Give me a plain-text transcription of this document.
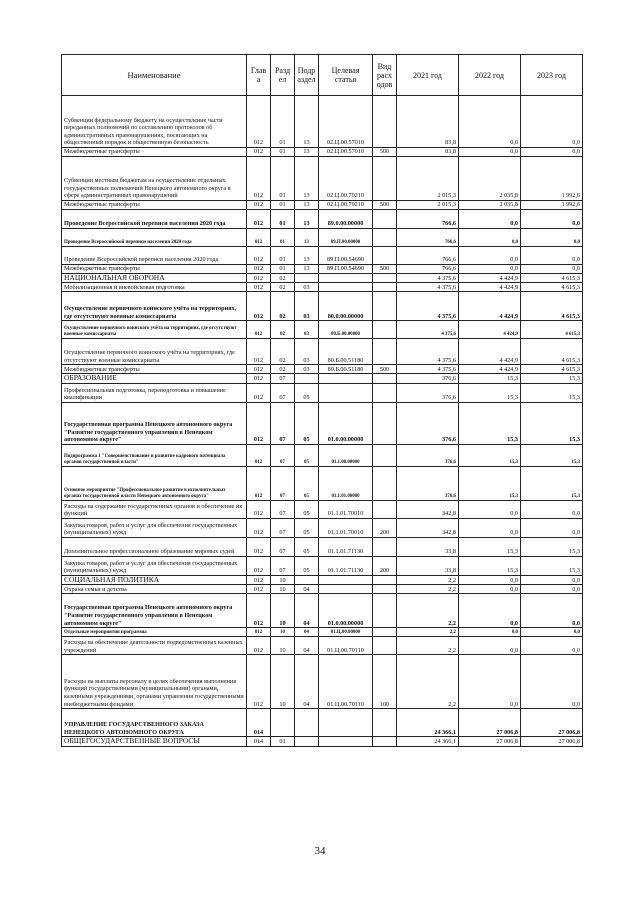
Наименование	Глав а	Разд ел	Подр аздел	Целевая статья	Вид расх одов	2021 год	2022 год	2023 год
Субвенции федеральному бюджету на осуществление части переданных полномочий по составлению протоколов об административных правонарушениях, посягающих на общественный порядок и общественную безопасность	012	01	13	02.Ц.00.57010		83,8	0,0	0,0
Межбюджетные трансферты	012	01	13	02.Ц.00.57010	500	83,8	0,0	0,0
Субвенции местным бюджетам на осуществление отдельных государственных полномочий Ненецкого автономного округа в сфере административных правонарушений	012	01	13	02.Ц.00.79210		2 015,3	2 035,8	1 992,6
Межбюджетные трансферты	012	01	13	02.Ц.00.79210	500	2 015,3	2 035,8	1 992,6
Проведение Всероссийской переписи населения 2020 года	012	01	13	89.0.00.00000		766,6	0,0	0,0
Проведение Всероссийской переписи населения 2020 года	012	01	13	89.П.00.00000		766,6	0,0	0,0
Проведение Всероссийской переписи населения 2020 года	012	01	13	89.П.00.54690		766,6	0,0	0,0
Межбюджетные трансферты	012	01	13	89.П.00.54690	500	766,6	0,0	0,0
НАЦИОНАЛЬНАЯ ОБОРОНА	012	02				4 375,6	4 424,9	4 615,3
Мобилизационная и вневойсковая подготовка	012	02	03			4 375,6	4 424,9	4 615,3
Осуществление первичного воинского учёта на территориях, где отсутствуют военные комиссариаты	012	02	03	80.0.00.00000		4 375,6	4 424,9	4 615,3
Осуществление первичного воинского учёта на территориях, где отсутствуют военные комиссариаты	012	02	03	80.Б.00.00000		4 375,6	4 424,9	4 615,3
Осуществление первичного воинского учёта на территориях, где отсутствуют военные комиссариаты	012	02	03	80.Б.00.51180		4 375,6	4 424,9	4 615,3
Межбюджетные трансферты	012	02	03	80.Б.00.51180	500	4 375,6	4 424,9	4 615,3
ОБРАЗОВАНИЕ	012	07				376,6	15,3	15,3
Профессиональная подготовка, переподготовка и повышение квалификации	012	07	05			376,6	15,3	15,3
Государственная программа Ненецкого автономного округа "Развитие государственного управления в Ненецком автономном округе"	012	07	05	01.0.00.00000		376,6	15,3	15,3
Подпрограмма 1 "Совершенствование и развитие кадрового потенциала органов государственной власти"	012	07	05	01.1.00.00000		376,6	15,3	15,3
Основное мероприятие "Профессиональное развитие в исполнительных органах государственной власти Ненецкого автономного округа"	012	07	05	01.1.01.00000		376,6	15,3	15,3
Расходы на содержание государственных органов и обеспечение их функций	012	07	05	01.1.01.70010		342,8	0,0	0,0
Закупка товаров, работ и услуг для обеспечения государственных (муниципальных) нужд	012	07	05	01.1.01.70010	200	342,8	0,0	0,0
Дополнительное профессиональное образование мировых судей	012	07	05	01.1.01.71130		33,8	15,3	15,3
Закупка товаров, работ и услуг для обеспечения государственных (муниципальных) нужд	012	07	05	01.1.01.71130	200	33,8	15,3	15,3
СОЦИАЛЬНАЯ ПОЛИТИКА	012	10				2,2	0,0	0,0
Охрана семьи и детства	012	10	04			2,2	0,0	0,0
Государственная программа Ненецкого автономного округа "Развитие государственного управления в Ненецком автономном округе"	012	10	04	01.0.00.00000		2,2	0,0	0,0
Отдельные мероприятия программы	012	10	04	01.Ц.00.00000		2,2	0,0	0,0
Расходы на обеспечение деятельности подведомственных казенных учреждений	012	10	04	01.Ц.00.70110		2,2	0,0	0,0
Расходы на выплаты персоналу в целях обеспечения выполнения функций государственными (муниципальными) органами, казенными учреждениями, органами управления государственными внебюджетными фондами	012	10	04	01.Ц.00.70110	100	2,2	0,0	0,0
УПРАВЛЕНИЕ ГОСУДАРСТВЕННОГО ЗАКАЗА НЕНЕЦКОГО АВТОНОМНОГО ОКРУГА	014					24 366,1	27 006,8	27 006,8
ОБЩЕГОСУДАРСТВЕННЫЕ ВОПРОСЫ	014	01				24 366,1	27 006,8	27 006,8
34
